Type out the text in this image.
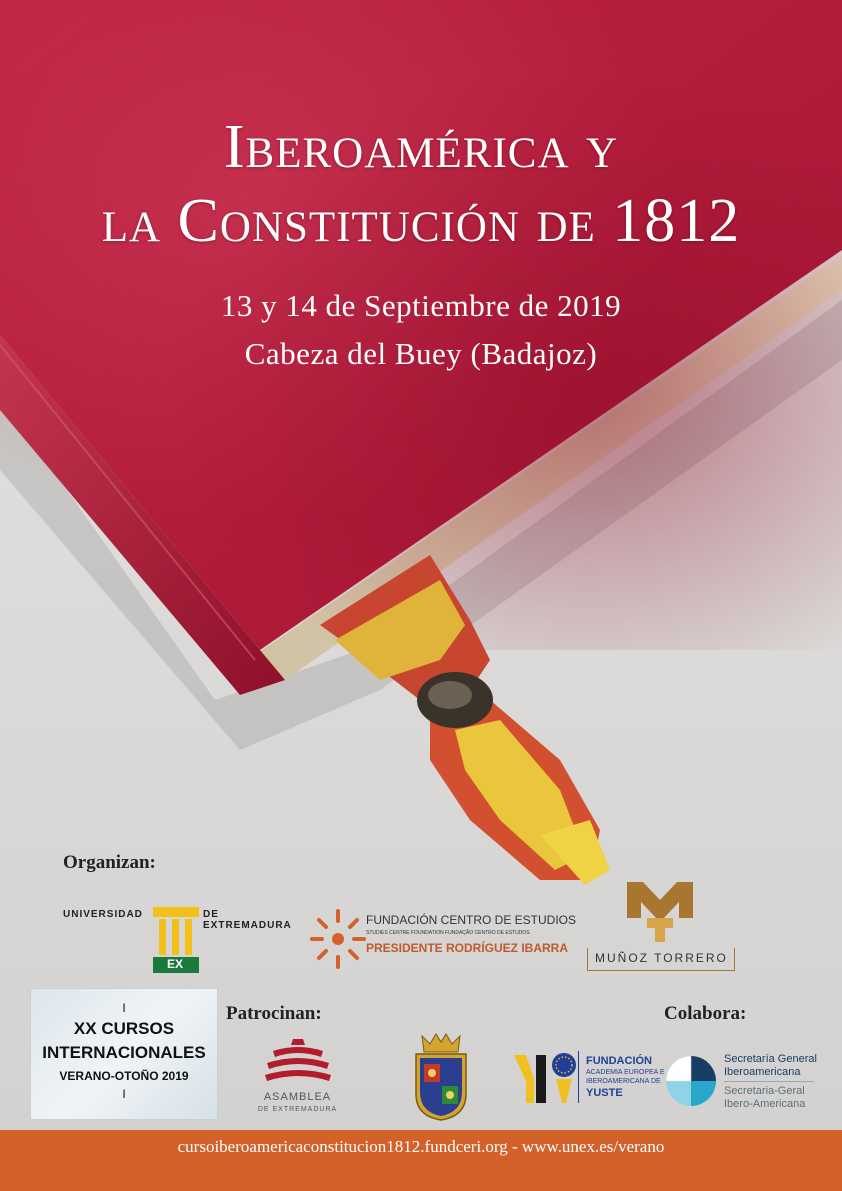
Iberoamérica y
la Constitución de 1812
13 y 14 de Septiembre de 2019
Cabeza del Buey (Badajoz)
Organizan:
Patrocinan:	Colabora:
UNIVERSIDAD
EX
DE EXTREMADURA	FUNDACIÓN CENTRO DE ESTUDIOS
STUDIES CENTRE FOUNDATION FUNDAÇÃO CENTRO DE ESTUDOS
PRESIDENTE RODRÍGUEZ IBARRA
MUÑOZ TORRERO
I
XX CURSOS
INTERNACIONALES
VERANO-OTOÑO 2019
I	ASAMBLEA
DE EXTREMADURA
FUNDACIÓN
ACADEMIA EUROPEA E
IBEROAMERICANA DE
YUSTE
Secretaría General
Iberoamericana
Secretaria-Geral
Ibero-Americana
cursoiberoamericaconstitucion1812.fundceri.org - www.unex.es/verano
